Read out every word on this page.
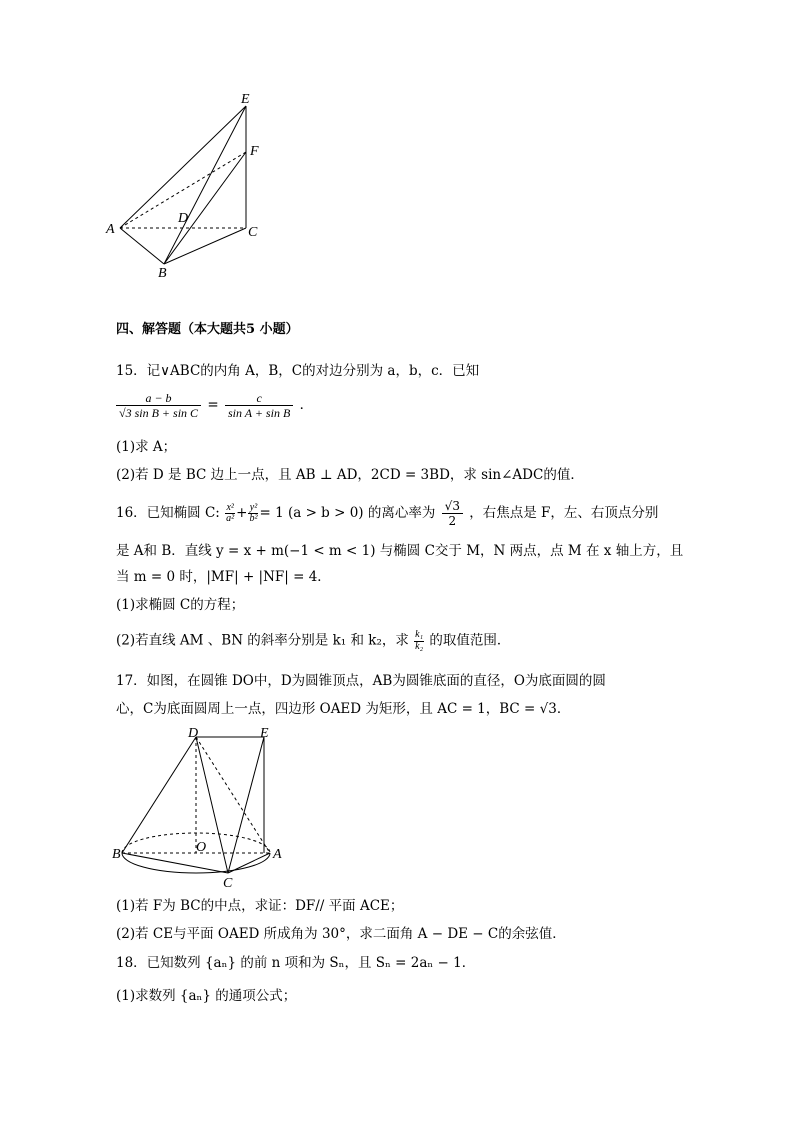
E
F
D
A	C
B
四、解答题（本大题共5 小题）
15．记∨ABC的内角 A，B，C的对边分别为 a，b，c．已知
$\frac{a - b}{\text{√3 sin B + sin C}} = \frac{c}{\text{sin A + sin B}}$ ．
(1)求 A；
(2)若 D 是 BC 边上一点，且 AB ⊥ AD，2CD = 3BD，求 sin∠ADC的值．
16．已知椭圆 C: $\frac{\text{x²}}{\text{a²}} + \frac{\text{y²}}{\text{b²}} = 1$ (a > b > 0) 的离心率为 $\frac{√3}{2}$ ，右焦点是 F，左、右顶点分别
是 A和 B．直线 y = x + m(−1 < m < 1) 与椭圆 C交于 M，N 两点，点 M 在 x 轴上方，且
当 m = 0 时，|MF| + |NF| = 4．
(1)求椭圆 C的方程；
(2)若直线 AM 、BN 的斜率分别是 k₁ 和 k₂，求 $\frac{\text{k₁}}{\text{k₂}}$ 的取值范围．
17．如图，在圆锥 DO中，D为圆锥顶点，AB为圆锥底面的直径，O为底面圆的圆
心，C为底面圆周上一点，四边形 OAED 为矩形，且 AC = 1，BC = √3．
D	E
B	O	A
C
(1)若 F为 BC的中点，求证：DF// 平面 ACE；
(2)若 CE与平面 OAED 所成角为 30°，求二面角 A − DE − C的余弦值．
18．已知数列 {aₙ} 的前 n 项和为 Sₙ，且 Sₙ = 2aₙ − 1．
(1)求数列 {aₙ} 的通项公式；
